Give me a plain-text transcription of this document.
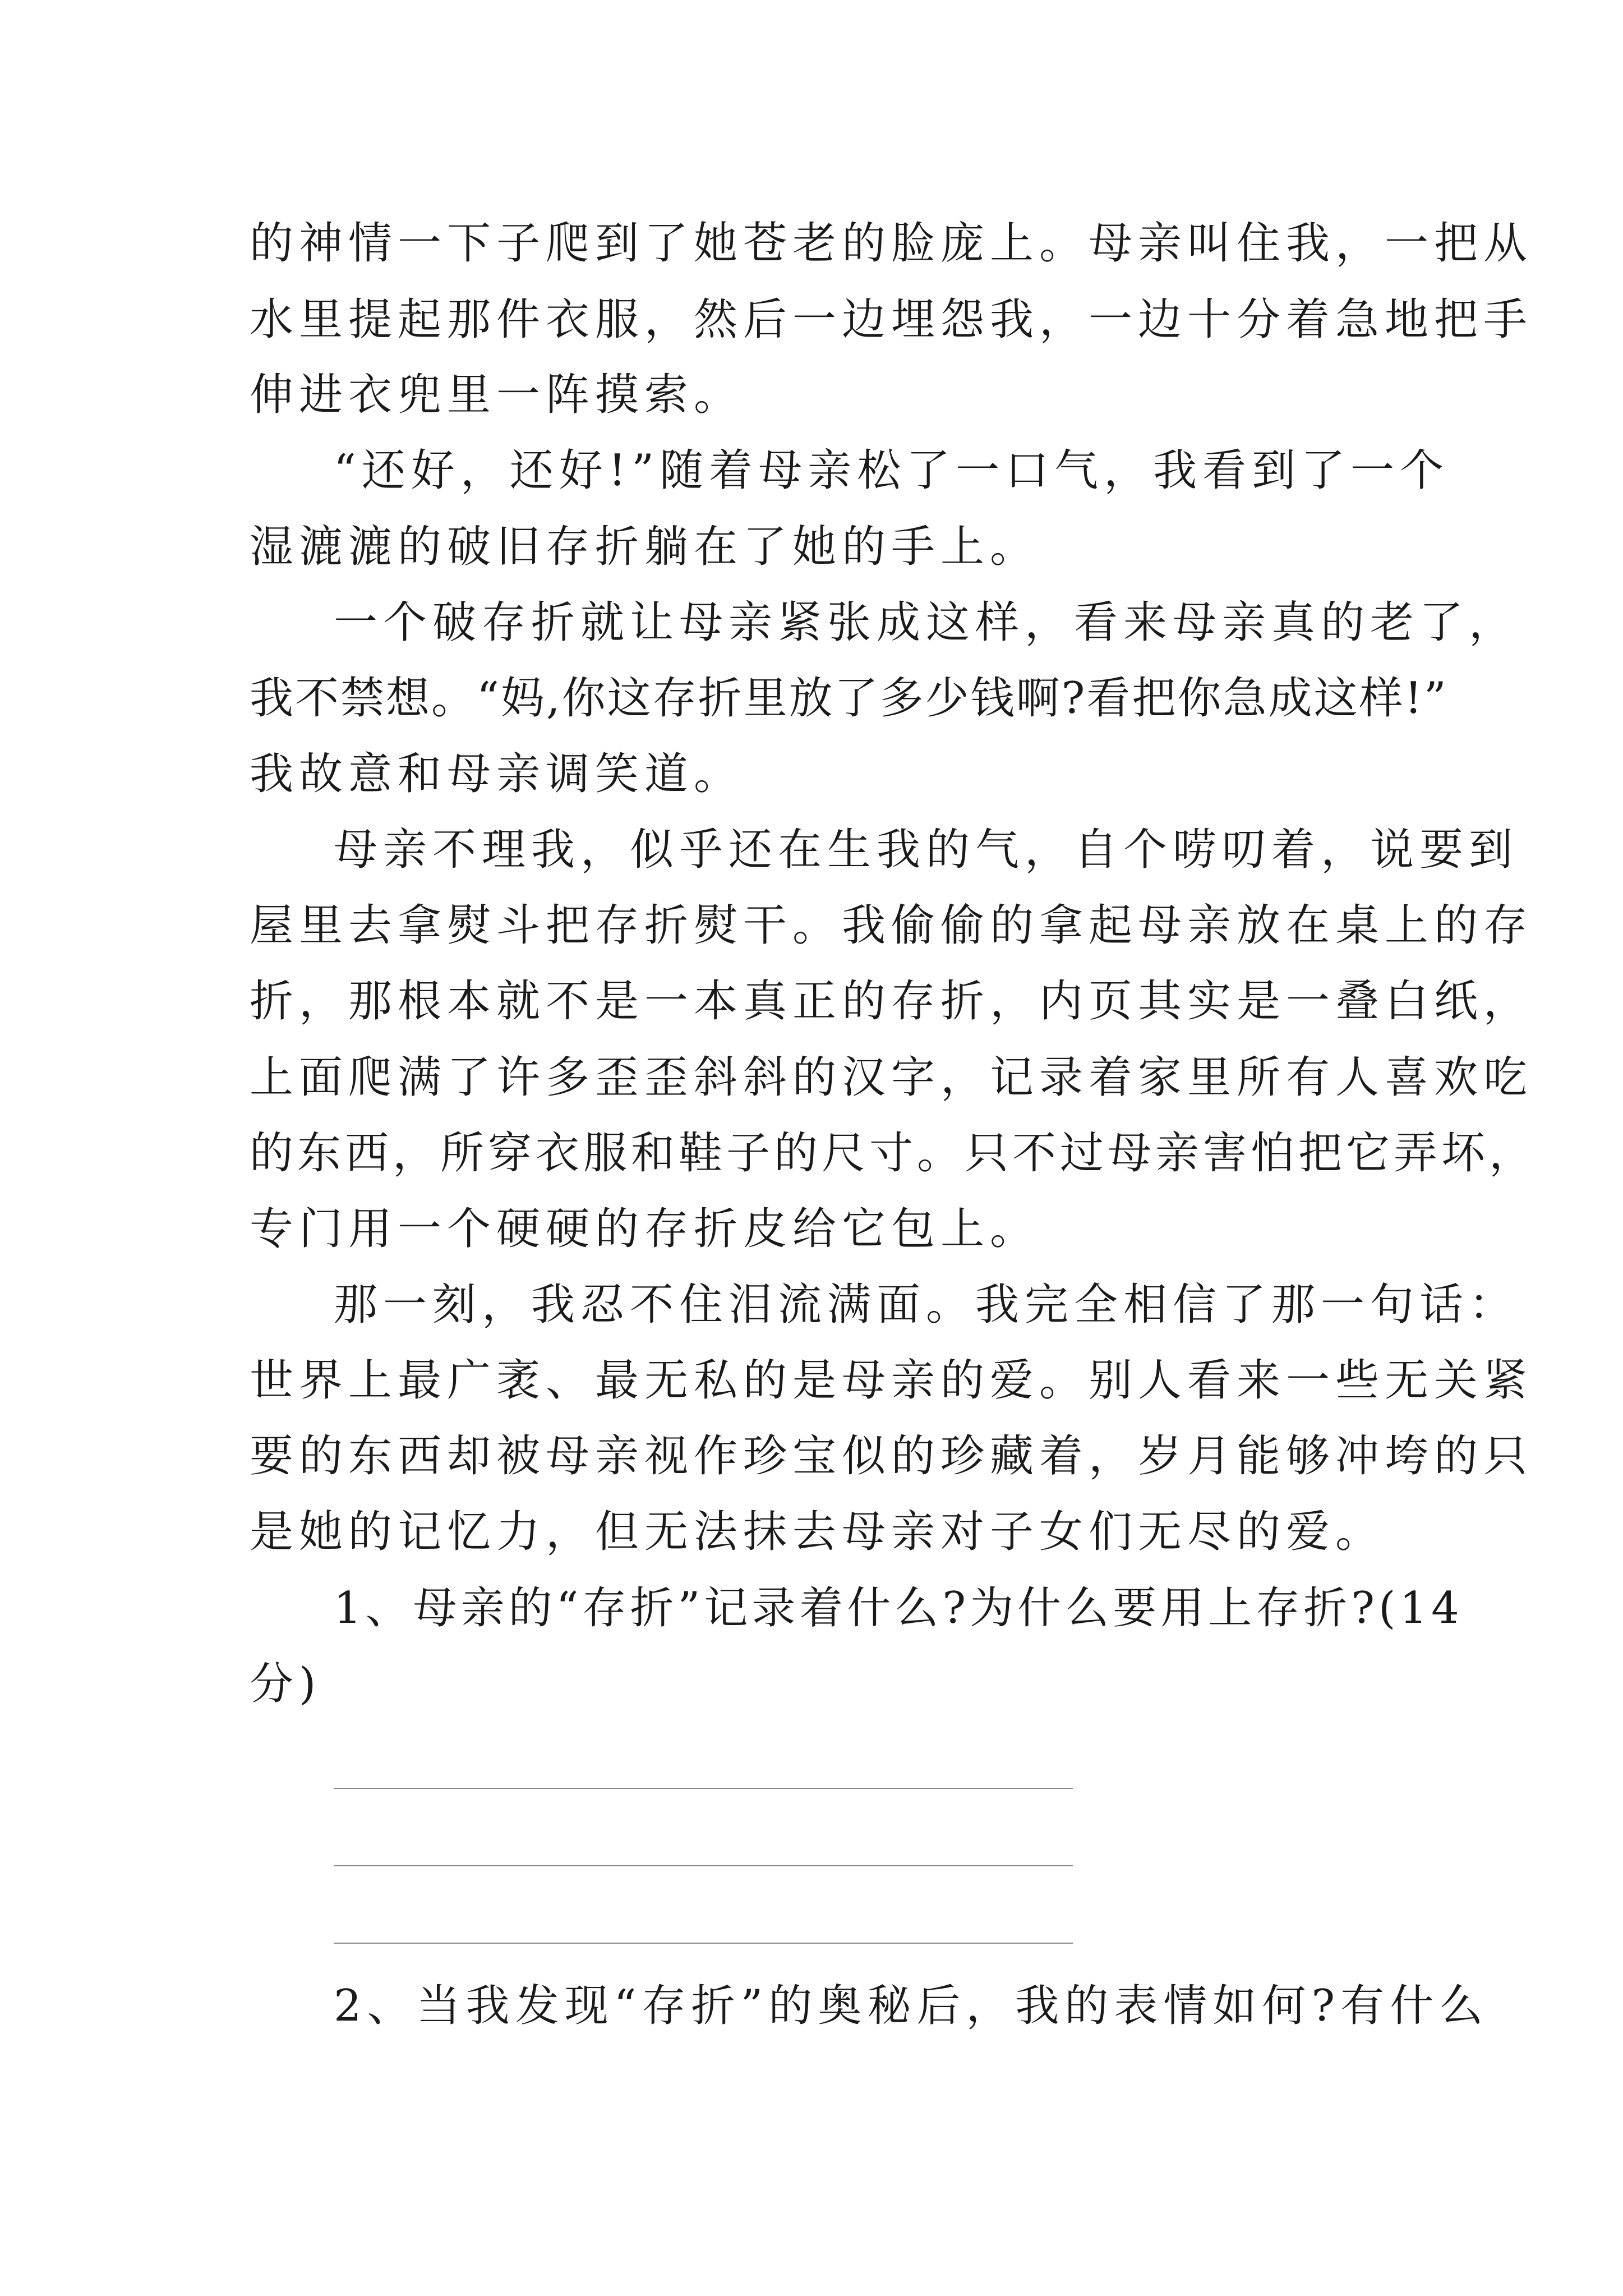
的神情一下子爬到了她苍老的脸庞上。母亲叫住我，一把从
水里提起那件衣服，然后一边埋怨我，一边十分着急地把手
伸进衣兜里一阵摸索。
“还好，还好!”随着母亲松了一口气，我看到了一个
湿漉漉的破旧存折躺在了她的手上。
一个破存折就让母亲紧张成这样，看来母亲真的老了，
我不禁想。“妈,你这存折里放了多少钱啊?看把你急成这样!”
我故意和母亲调笑道。
母亲不理我，似乎还在生我的气，自个唠叨着，说要到
屋里去拿熨斗把存折熨干。我偷偷的拿起母亲放在桌上的存
折，那根本就不是一本真正的存折，内页其实是一叠白纸，
上面爬满了许多歪歪斜斜的汉字，记录着家里所有人喜欢吃
的东西，所穿衣服和鞋子的尺寸。只不过母亲害怕把它弄坏，
专门用一个硬硬的存折皮给它包上。
那一刻，我忍不住泪流满面。我完全相信了那一句话：
世界上最广袤、最无私的是母亲的爱。别人看来一些无关紧
要的东西却被母亲视作珍宝似的珍藏着，岁月能够冲垮的只
是她的记忆力，但无法抹去母亲对子女们无尽的爱。
1、母亲的“存折”记录着什么?为什么要用上存折?(14
分)
2、当我发现“存折”的奥秘后，我的表情如何?有什么
